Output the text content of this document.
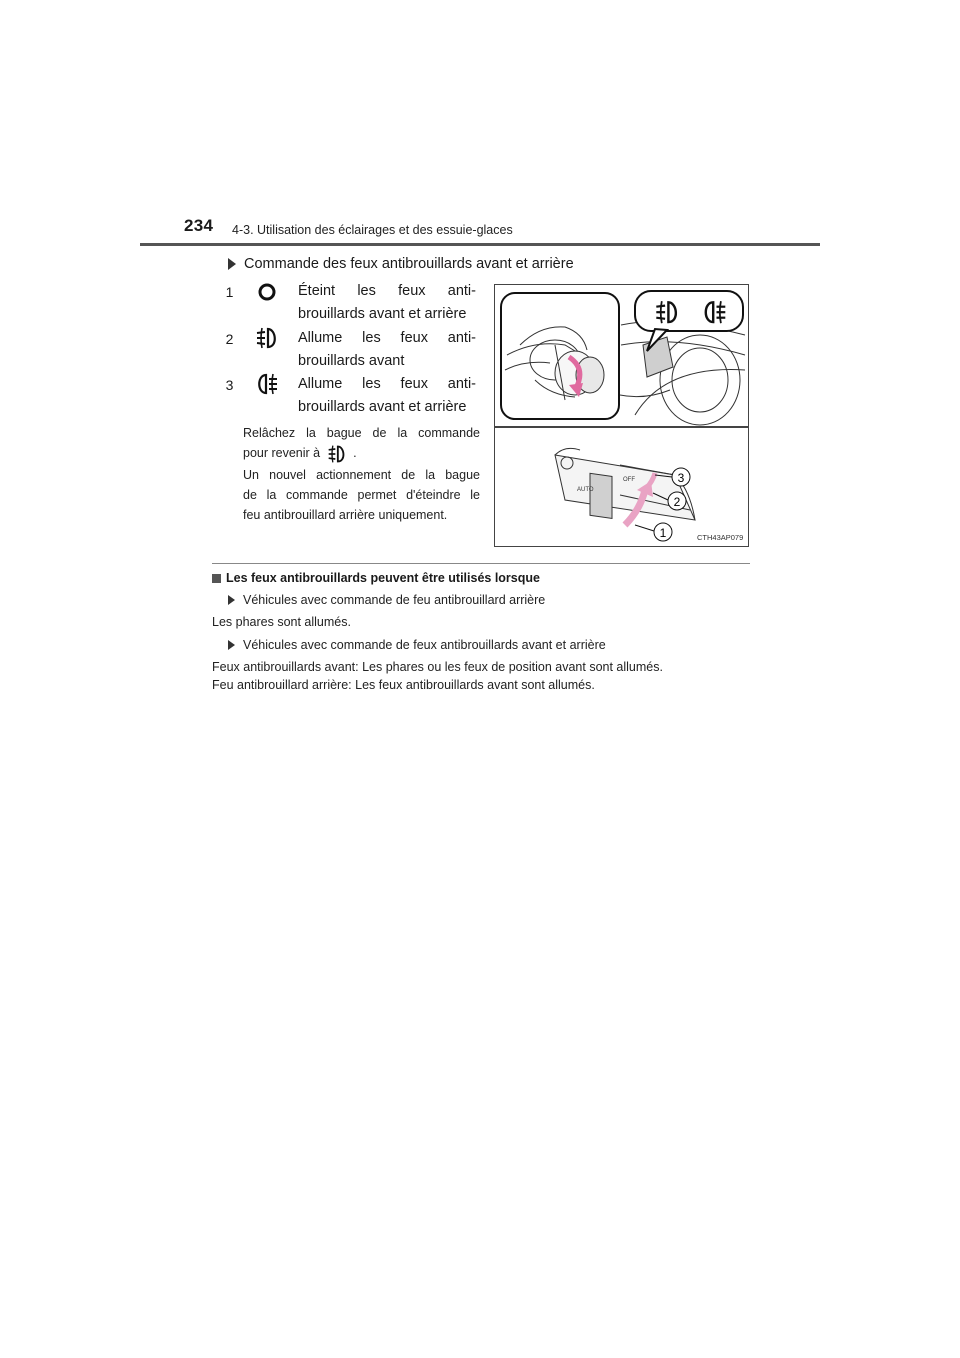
234 4-3. Utilisation des éclairages et des essuie-glaces
Commande des feux antibrouillards avant et arrière
1	Éteint les feux anti-
brouillards avant et arrière
2	Allume les feux anti-
brouillards avant
3	Allume les feux anti-
brouillards avant et arrière
Relâchez la bague de la commande
pour revenir à	.
Un nouvel actionnement de la bague
de la commande permet d'éteindre le
feu antibrouillard arrière uniquement.
OFF
AUTO
3
2
1	CTH43AP079
Les feux antibrouillards peuvent être utilisés lorsque
Véhicules avec commande de feu antibrouillard arrière
Les phares sont allumés.
Véhicules avec commande de feux antibrouillards avant et arrière
Feux antibrouillards avant: Les phares ou les feux de position avant sont allumés.
Feu antibrouillard arrière: Les feux antibrouillards avant sont allumés.
